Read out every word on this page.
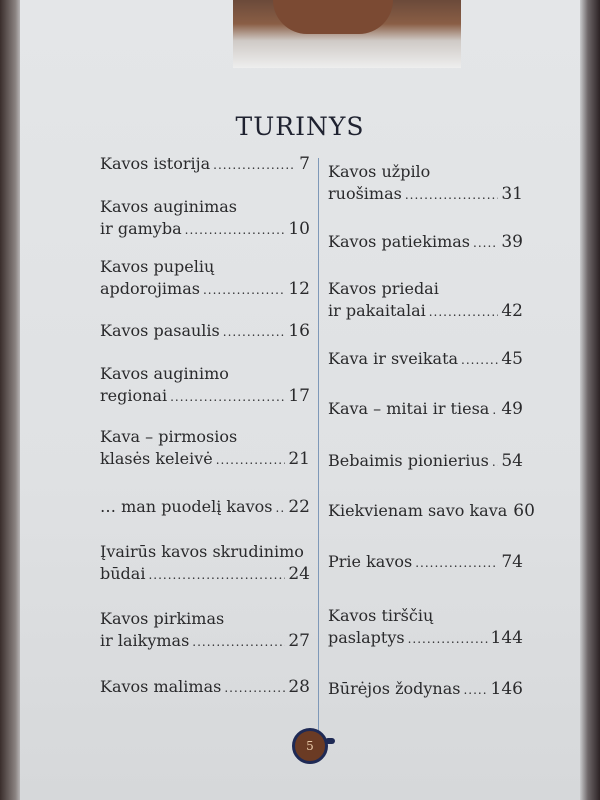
TURINYS
Kavos istorija .....	7
Kavos auginimas
ir gamyba .....	10
Kavos pupelių
apdorojimas .....	12
Kavos pasaulis .....	16
Kavos auginimo
regionai .....	17
Kava – pirmosios
klasės keleivė .....	21
… man puodelį kavos ..... 22
Įvairūs kavos skrudinimo
būdai .....	24
Kavos pirkimas
ir laikymas .....	27
Kavos malimas .....	28
Kavos užpilo
ruošimas .....	31
Kavos patiekimas ..... 39
Kavos priedai
ir pakaitalai .....	42
Kava ir sveikata .....	45
Kava – mitai ir tiesa ..... 49
Bebaimis pionierius ..... 54
Kiekvienam savo kava 60
Prie kavos .....	74
Kavos tirščių
paslaptys .....	144
Būrėjos žodynas ..... 146
5
